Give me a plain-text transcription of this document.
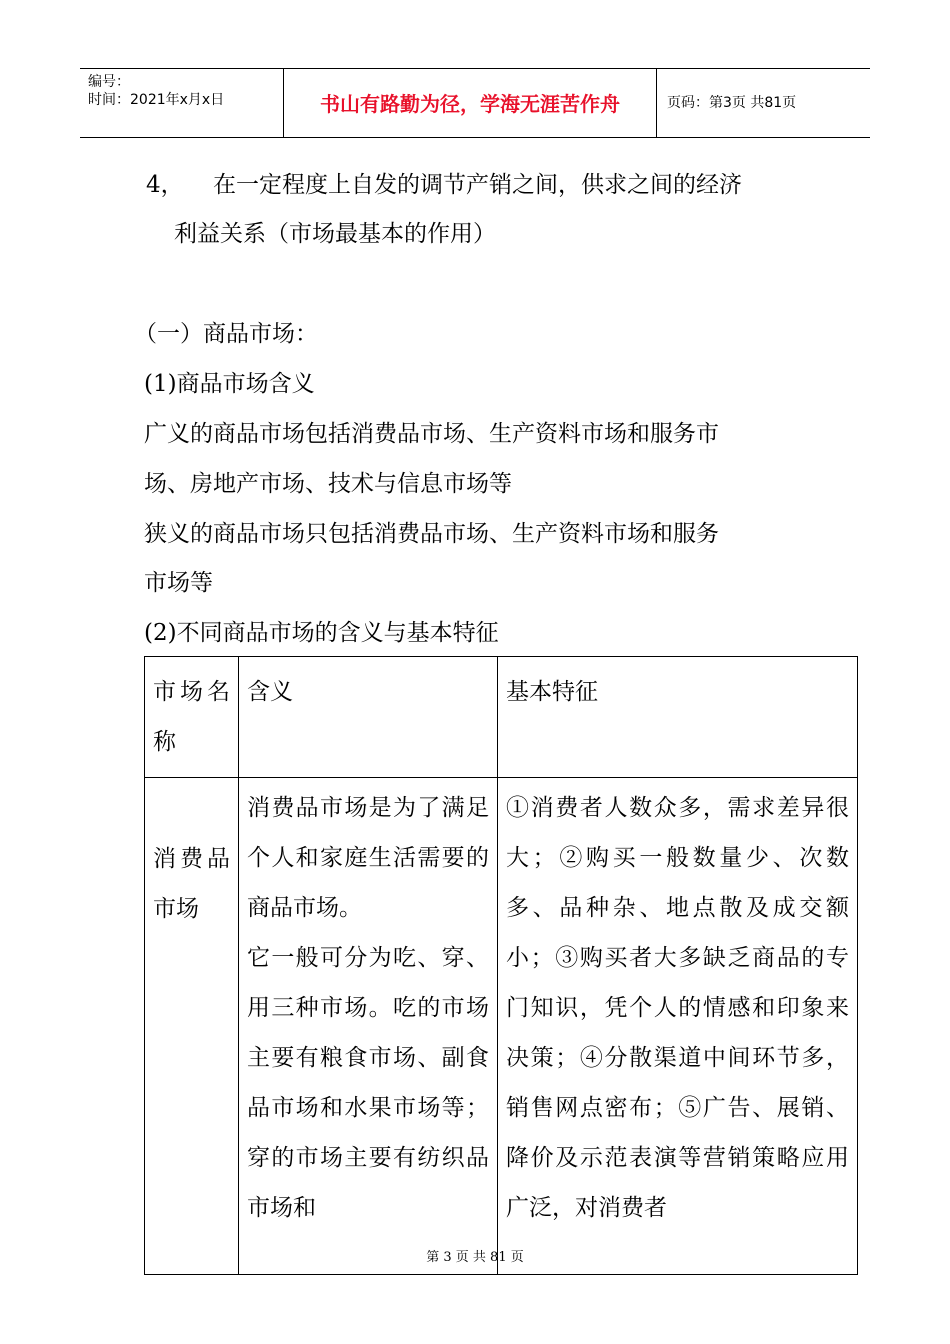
编号：
时间：2021年x月x日	书山有路勤为径，学海无涯苦作舟	页码：第3页 共81页
4， 在一定程度上自发的调节产销之间，供求之间的经济
利益关系（市场最基本的作用）
（一）商品市场：
(1)商品市场含义
广义的商品市场包括消费品市场、生产资料市场和服务市
场、房地产市场、技术与信息市场等
狭义的商品市场只包括消费品市场、生产资料市场和服务
市场等
(2)不同商品市场的含义与基本特征
市场名称	含义	基本特征

消费品市场	消费品市场是为了满足个人和家庭生活需要的商品市场。
它一般可分为吃、穿、用三种市场。吃的市场主要有粮食市场、副食品市场和水果市场等；穿的市场主要有纺织品市场和	①消费者人数众多，需求差异很大；②购买一般数量少、次数多、品种杂、地点散及成交额小；③购买者大多缺乏商品的专门知识，凭个人的情感和印象来决策；④分散渠道中间环节多，销售网点密布；⑤广告、展销、降价及示范表演等营销策略应用广泛，对消费者
第 3 页 共 81 页
